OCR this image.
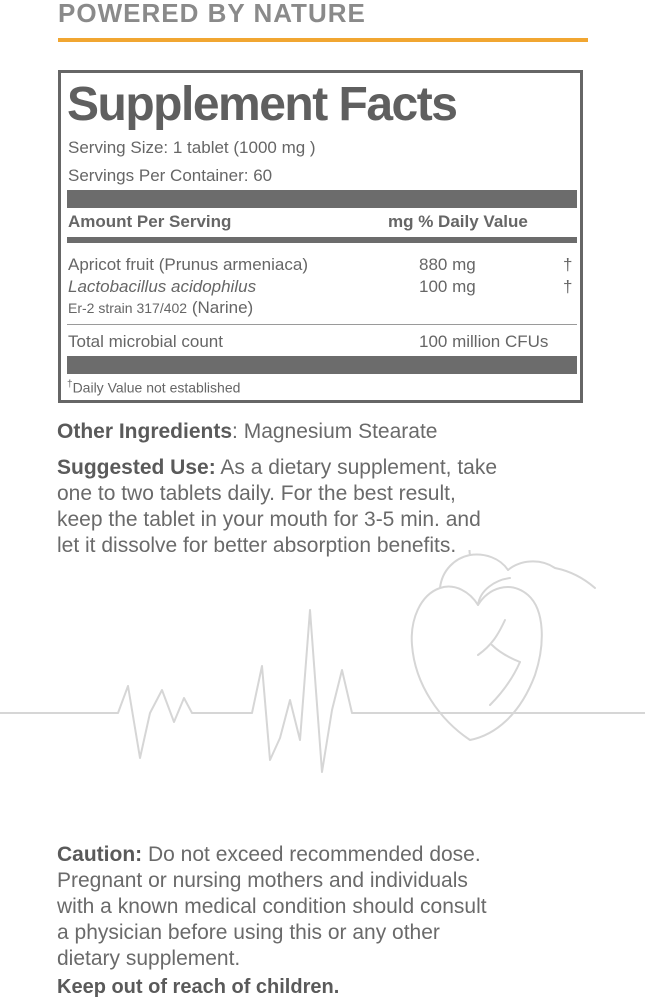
POWERED BY NATURE
Supplement Facts
Serving Size: 1 tablet (1000 mg )
Servings Per Container: 60
Amount Per Serving	mg % Daily Value
Apricot fruit (Prunus armeniaca)	880 mg	†
Lactobacillus acidophilus	100 mg	†
Er-2 strain 317/402 (Narine)
Total microbial count	100 million CFUs
†Daily Value not established
Other Ingredients: Magnesium Stearate
Suggested Use: As a dietary supplement, take
one to two tablets daily. For the best result,
keep the tablet in your mouth for 3-5 min. and
let it dissolve for better absorption benefits.
Caution: Do not exceed recommended dose.
Pregnant or nursing mothers and individuals
with a known medical condition should consult
a physician before using this or any other
dietary supplement.
Keep out of reach of children.
